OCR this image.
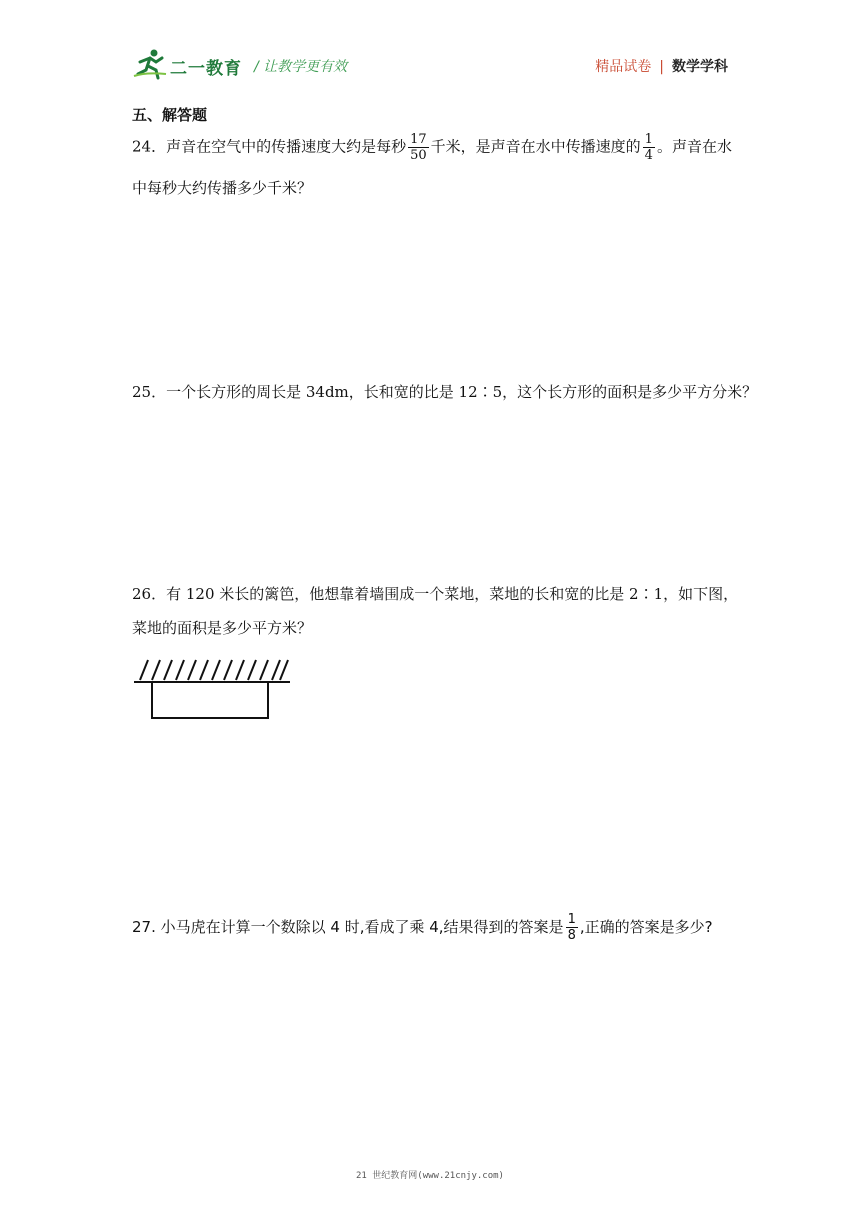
二一教育 / 让教学更有效	精品试卷 | 数学学科
五、解答题
24．声音在空气中的传播速度大约是每秒 $\frac{17}{50}$ 千米，是声音在水中传播速度的 $\frac{1}{4}$ 。声音在水
中每秒大约传播多少千米？
25．一个长方形的周长是 34dm，长和宽的比是 12∶5，这个长方形的面积是多少平方分米？
26．有 120 米长的篱笆，他想靠着墙围成一个菜地，菜地的长和宽的比是 2∶1，如下图，
菜地的面积是多少平方米？
27. 小马虎在计算一个数除以 4 时,看成了乘 4,结果得到的答案是 $\frac{1}{8}$ ,正确的答案是多少?
21 世纪教育网(www.21cnjy.com)
